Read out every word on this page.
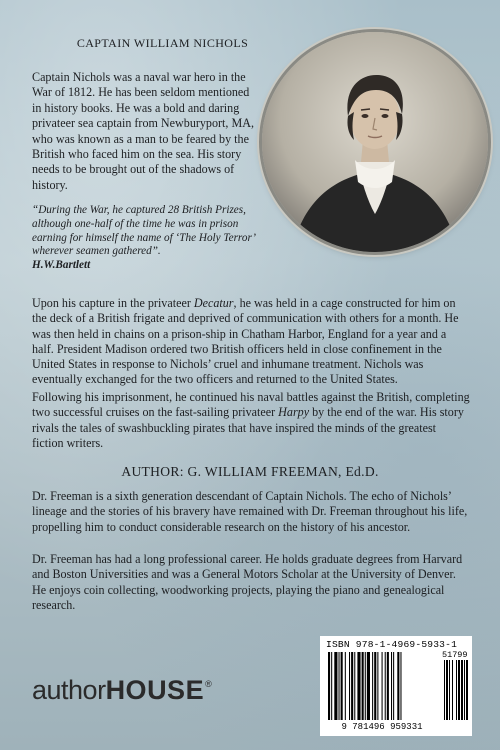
CAPTAIN WILLIAM NICHOLS

Captain Nichols was a naval war hero in the War of 1812. He has been seldom mentioned in history books. He was a bold and daring privateer sea captain from Newburyport, MA, who was known as a man to be feared by the British who faced him on the sea. His story needs to be brought out of the shadows of history.

“During the War, he captured 28 British Prizes, although one-half of the time he was in prison earning for himself the name of ‘The Holy Terror’ wherever seamen gathered”.
H.W.Bartlett

Upon his capture in the privateer Decatur, he was held in a cage constructed for him on the deck of a British frigate and deprived of communication with others for a month. He was then held in chains on a prison-ship in Chatham Harbor, England for a year and a half. President Madison ordered two British officers held in close confinement in the United States in response to Nichols’ cruel and inhumane treatment. Nichols was eventually exchanged for the two officers and returned to the United States.

Following his imprisonment, he continued his naval battles against the British, completing two successful cruises on the fast-sailing privateer Harpy by the end of the war. His story rivals the tales of swashbuckling pirates that have inspired the minds of the greatest fiction writers.

AUTHOR: G. WILLIAM FREEMAN, Ed.D.

Dr. Freeman is a sixth generation descendant of Captain Nichols. The echo of Nichols’ lineage and the stories of his bravery have remained with Dr. Freeman throughout his life, propelling him to conduct considerable research on the history of his ancestor.

Dr. Freeman has had a long professional career. He holds graduate degrees from Harvard and Boston Universities and was a General Motors Scholar at the University of Denver. He enjoys coin collecting, woodworking projects, playing the piano and genealogical research.

authorHOUSE®
ISBN 978-1-4969-5933-1
51799
9 781496 959331
